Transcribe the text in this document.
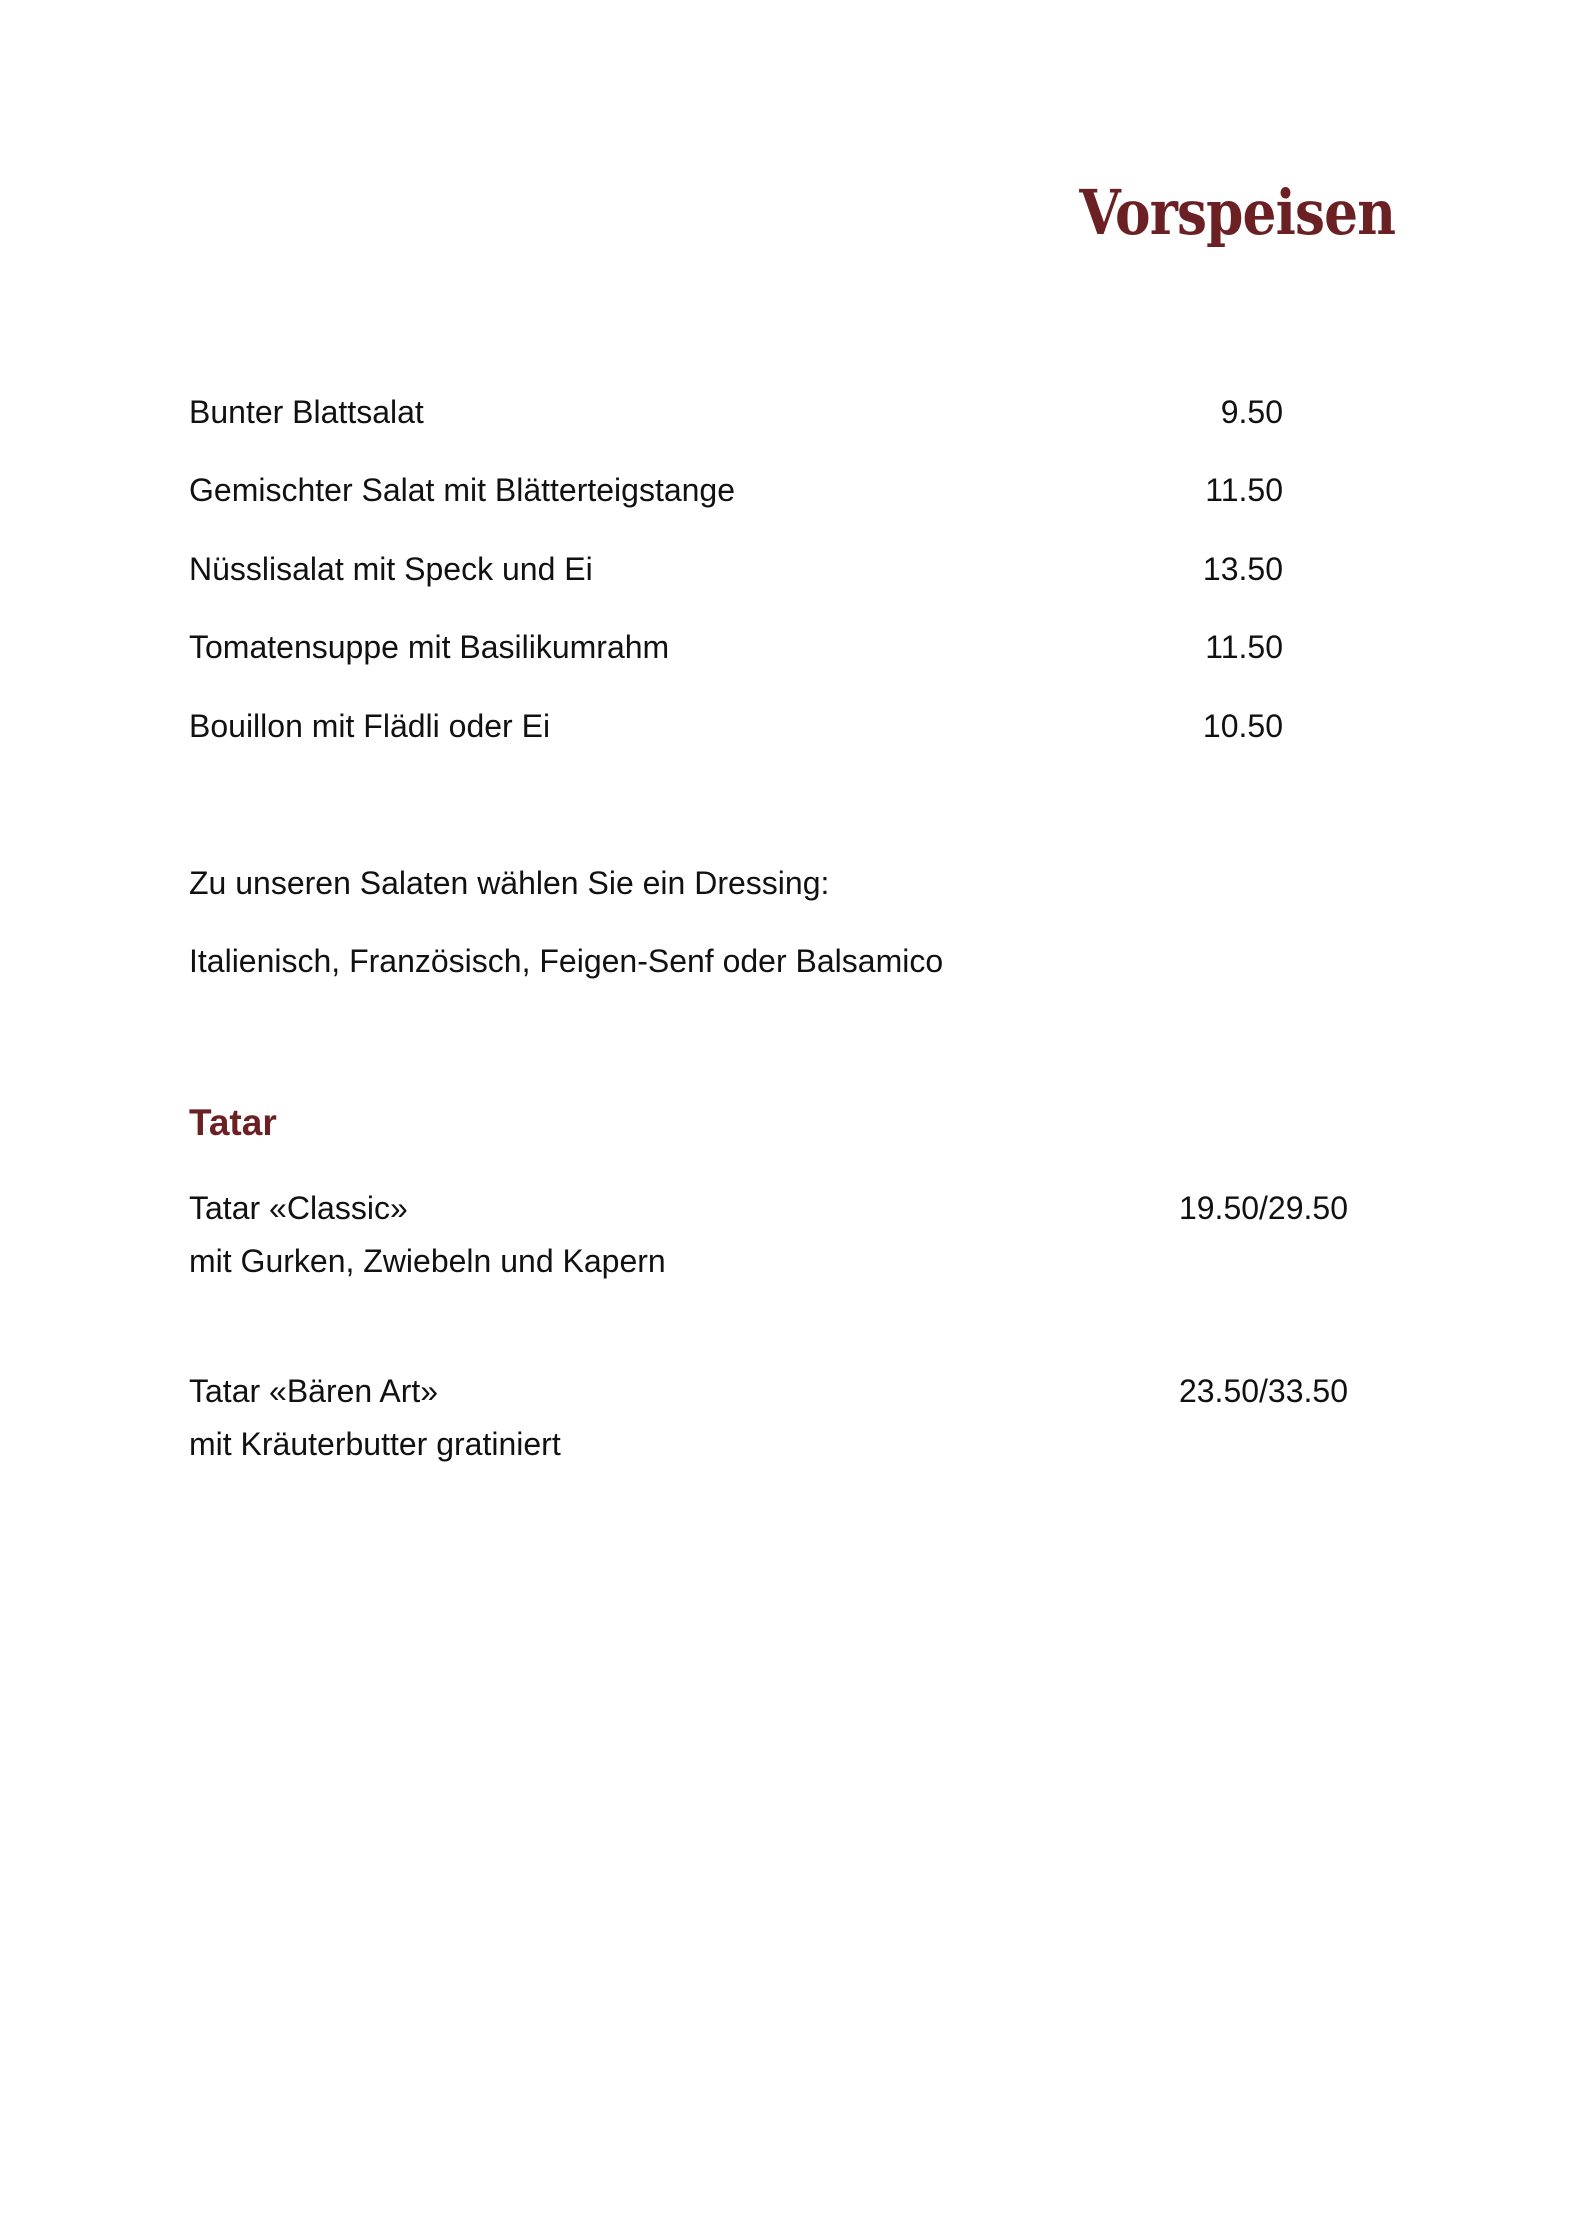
Vorspeisen
Bunter Blattsalat	9.50
Gemischter Salat mit Blätterteigstange	11.50
Nüsslisalat mit Speck und Ei	13.50
Tomatensuppe mit Basilikumrahm	11.50
Bouillon mit Flädli oder Ei	10.50
Zu unseren Salaten wählen Sie ein Dressing:
Italienisch, Französisch, Feigen-Senf oder Balsamico
Tatar
Tatar «Classic»	19.50/29.50
mit Gurken, Zwiebeln und Kapern
Tatar «Bären Art»	23.50/33.50
mit Kräuterbutter gratiniert
